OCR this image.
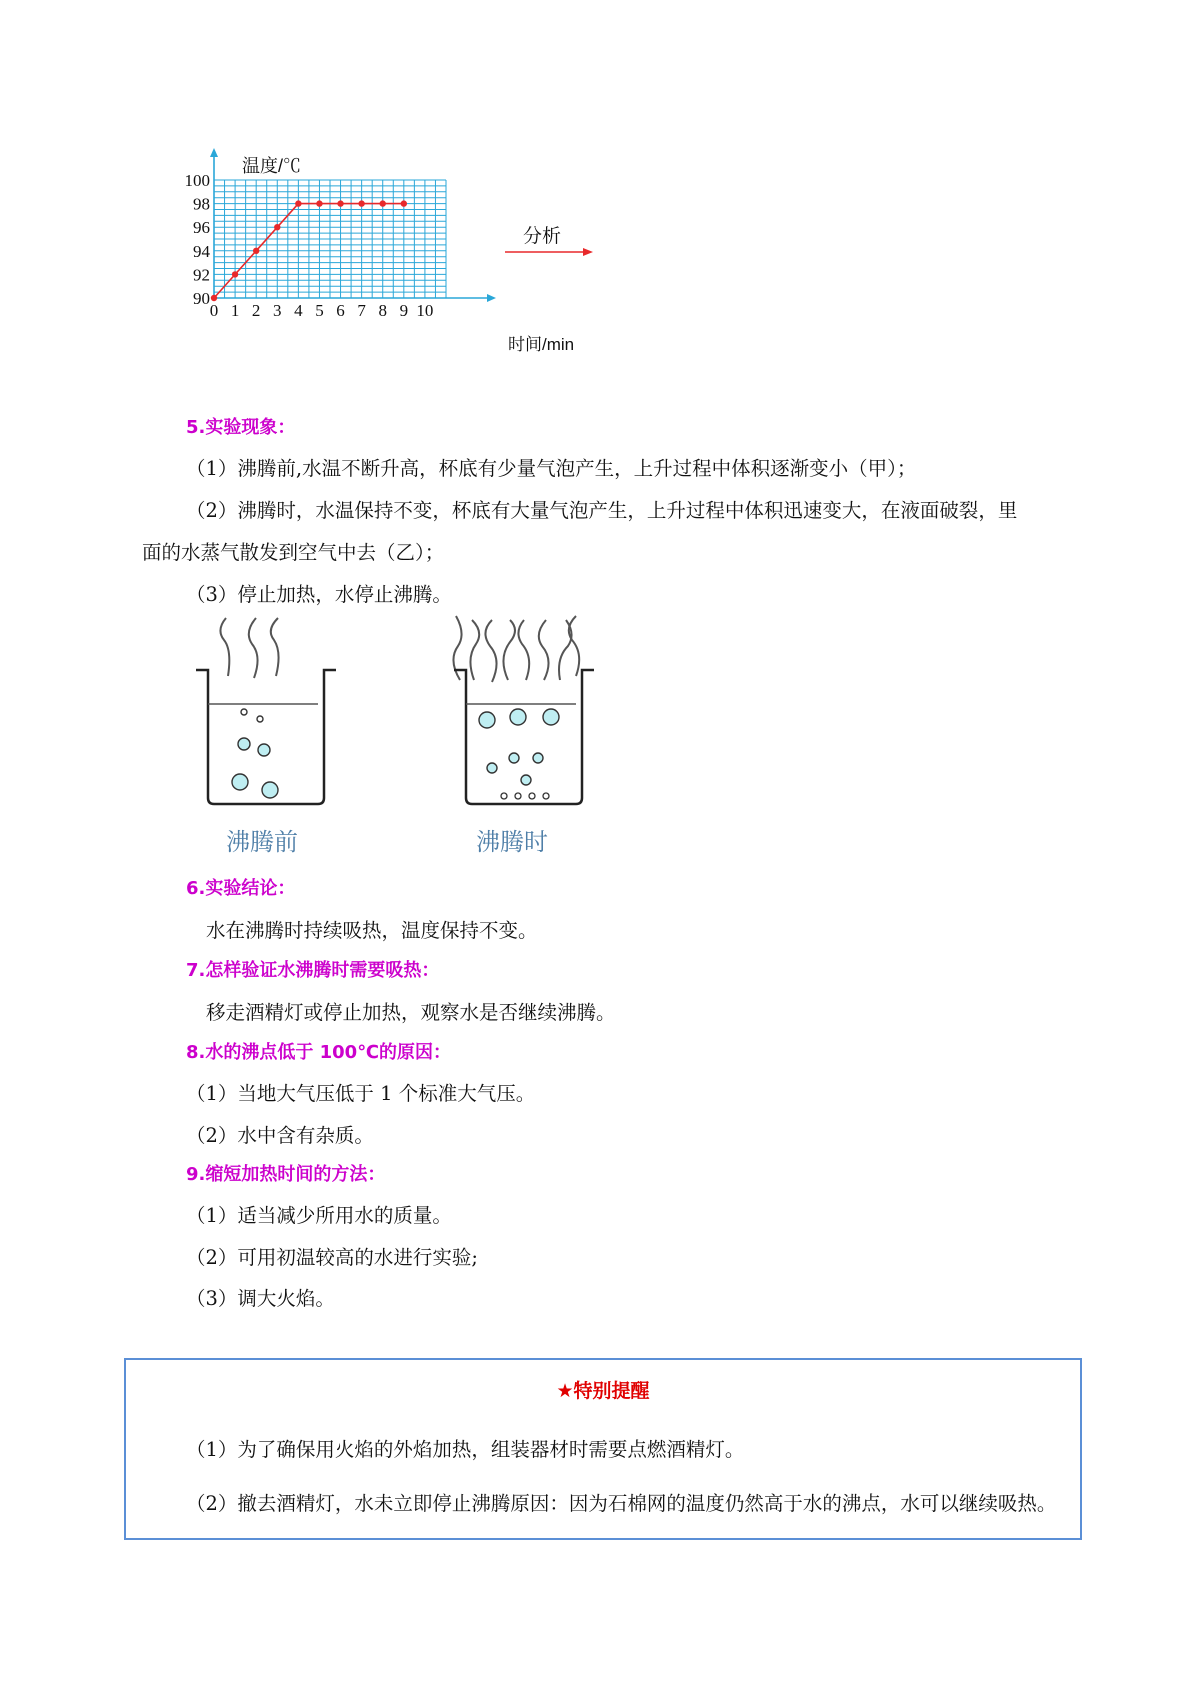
90
92
94
96
98
100
0 1 2 3 4 5 6 7 8 9 10
温度/℃
时间/min
分析
5.实验现象：
（1）沸腾前,水温不断升高，杯底有少量气泡产生，上升过程中体积逐渐变小（甲）；
（2）沸腾时，水温保持不变，杯底有大量气泡产生，上升过程中体积迅速变大，在液面破裂，里
面的水蒸气散发到空气中去（乙）；
（3）停止加热，水停止沸腾。
沸腾前	沸腾时
6.实验结论：
水在沸腾时持续吸热，温度保持不变。
7.怎样验证水沸腾时需要吸热：
移走酒精灯或停止加热，观察水是否继续沸腾。
8.水的沸点低于 100℃的原因：
（1）当地大气压低于 1 个标准大气压。
（2）水中含有杂质。
9.缩短加热时间的方法：
（1）适当减少所用水的质量。
（2）可用初温较高的水进行实验;
（3）调大火焰。
★特别提醒
（1）为了确保用火焰的外焰加热，组装器材时需要点燃酒精灯。
（2）撤去酒精灯，水未立即停止沸腾原因：因为石棉网的温度仍然高于水的沸点，水可以继续吸热。
